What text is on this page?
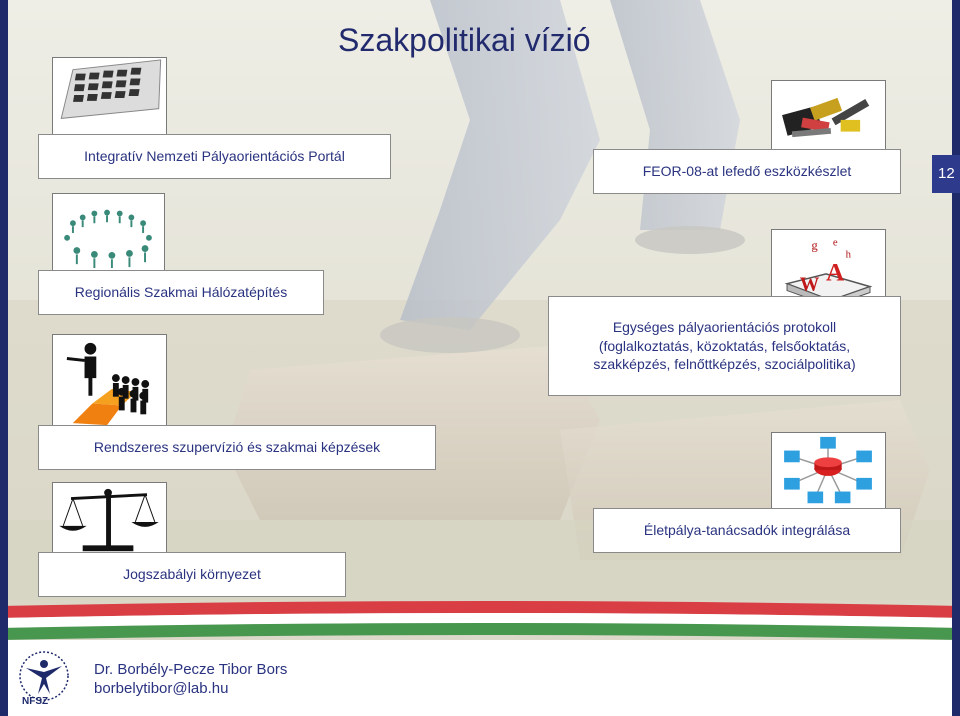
Szakpolitikai vízió
12
Integratív Nemzeti Pályaorientációs Portál
FEOR-08-at lefedő eszközkészlet
Regionális Szakmai Hálózatépítés
A
W
g e
h
Egységes pályaorientációs protokoll
(foglalkoztatás, közoktatás, felsőoktatás,
szakképzés, felnőttképzés, szociálpolitika)
Rendszeres szupervízió és szakmai képzések
Életpálya-tanácsadók integrálása
Jogszabályi környezet
NFSZ
Dr. Borbély-Pecze Tibor Bors
borbelytibor@lab.hu
